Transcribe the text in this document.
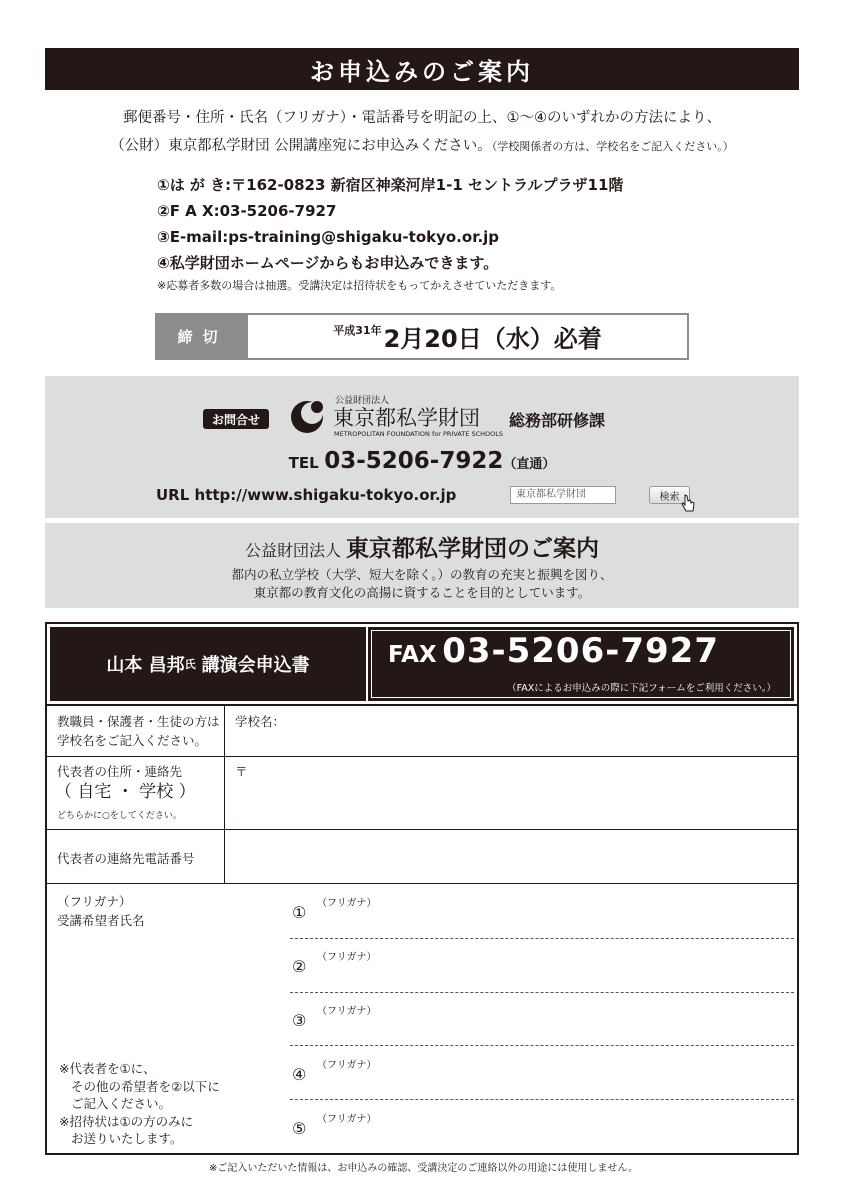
お申込みのご案内
郵便番号・住所・氏名（フリガナ）・電話番号を明記の上、①〜④のいずれかの方法により、
（公財）東京都私学財団 公開講座宛にお申込みください。（学校関係者の方は、学校名をご記入ください。）
①は が き:〒162-0823 新宿区神楽河岸1-1 セントラルプラザ11階
②F A X:03-5206-7927
③E-mail:ps-training@shigaku-tokyo.or.jp
④私学財団ホームページからもお申込みできます。
※応募者多数の場合は抽選。受講決定は招待状をもってかえさせていただきます。
締切	平成31年 2月20日（水）必着
お問合せ
公益財団法人
東京都私学財団
METROPOLITAN FOUNDATION for PRIVATE SCHOOLS
総務部研修課
TEL 03-5206-7922（直通）
URL http://www.shigaku-tokyo.or.jp	東京都私学財団	検索
公益財団法人 東京都私学財団のご案内
都内の私立学校（大学、短大を除く。）の教育の充実と振興を図り、
東京都の教育文化の高揚に資することを目的としています。
山本 昌邦 氏 講演会申込書	FAX 03-5206-7927
（FAXによるお申込みの際に下記フォームをご利用ください。）
教職員・保護者・生徒の方は
学校名をご記入ください。
学校名：
代表者の住所・連絡先
（ 自宅 ・ 学校 ）
どちらかに○をしてください。
〒
代表者の連絡先電話番号
（フリガナ）
受講希望者氏名
※代表者を①に、
その他の希望者を②以下に
ご記入ください。
※招待状は①の方のみに
お送りいたします。
① （フリガナ）
② （フリガナ）
③ （フリガナ）
④ （フリガナ）
⑤ （フリガナ）
※ご記入いただいた情報は、お申込みの確認、受講決定のご連絡以外の用途には使用しません。
